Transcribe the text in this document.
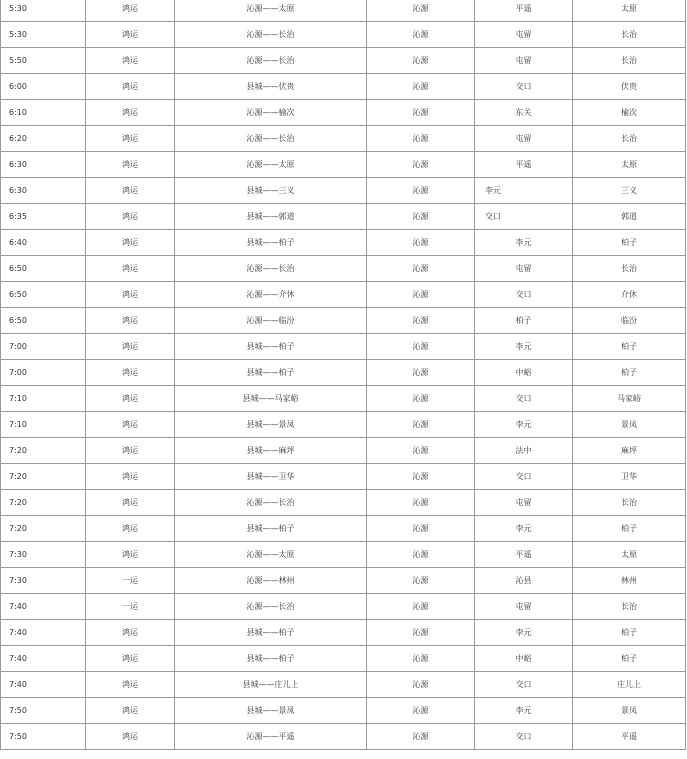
5:30	鸿运	沁源——太原	沁源	平遥	太原
5:30	鸿运	沁源——长治	沁源	屯留	长治
5:50	鸿运	沁源——长治	沁源	屯留	长治
6:00	鸿运	县城——伏贵	沁源	交口	伏贵
6:10	鸿运	沁源——榆次	沁源	东关	榆次
6:20	鸿运	沁源——长治	沁源	屯留	长治
6:30	鸿运	沁源——太原	沁源	平遥	太原
6:30	鸿运	县城——三义	沁源	李元	三义
6:35	鸿运	县城——郭道	沁源	交口	郭道
6:40	鸿运	县城——柏子	沁源	李元	柏子
6:50	鸿运	沁源——长治	沁源	屯留	长治
6:50	鸿运	沁源——介休	沁源	交口	介休
6:50	鸿运	沁源——临汾	沁源	柏子	临汾
7:00	鸿运	县城——柏子	沁源	李元	柏子
7:00	鸿运	县城——柏子	沁源	中峪	柏子
7:10	鸿运	县城——马家峪	沁源	交口	马家峪
7:10	鸿运	县城——景凤	沁源	李元	景凤
7:20	鸿运	县城——麻坪	沁源	法中	麻坪
7:20	鸿运	县城——卫华	沁源	交口	卫华
7:20	鸿运	沁源——长治	沁源	屯留	长治
7:20	鸿运	县城——柏子	沁源	李元	柏子
7:30	鸿运	沁源——太原	沁源	平遥	太原
7:30	一运	沁源——林州	沁源	沁县	林州
7:40	一运	沁源——长治	沁源	屯留	长治
7:40	鸿运	县城——柏子	沁源	李元	柏子
7:40	鸿运	县城——柏子	沁源	中峪	柏子
7:40	鸿运	县城——庄儿上	沁源	交口	庄儿上
7:50	鸿运	县城——景凤	沁源	李元	景凤
7:50	鸿运	沁源——平遥	沁源	交口	平遥
